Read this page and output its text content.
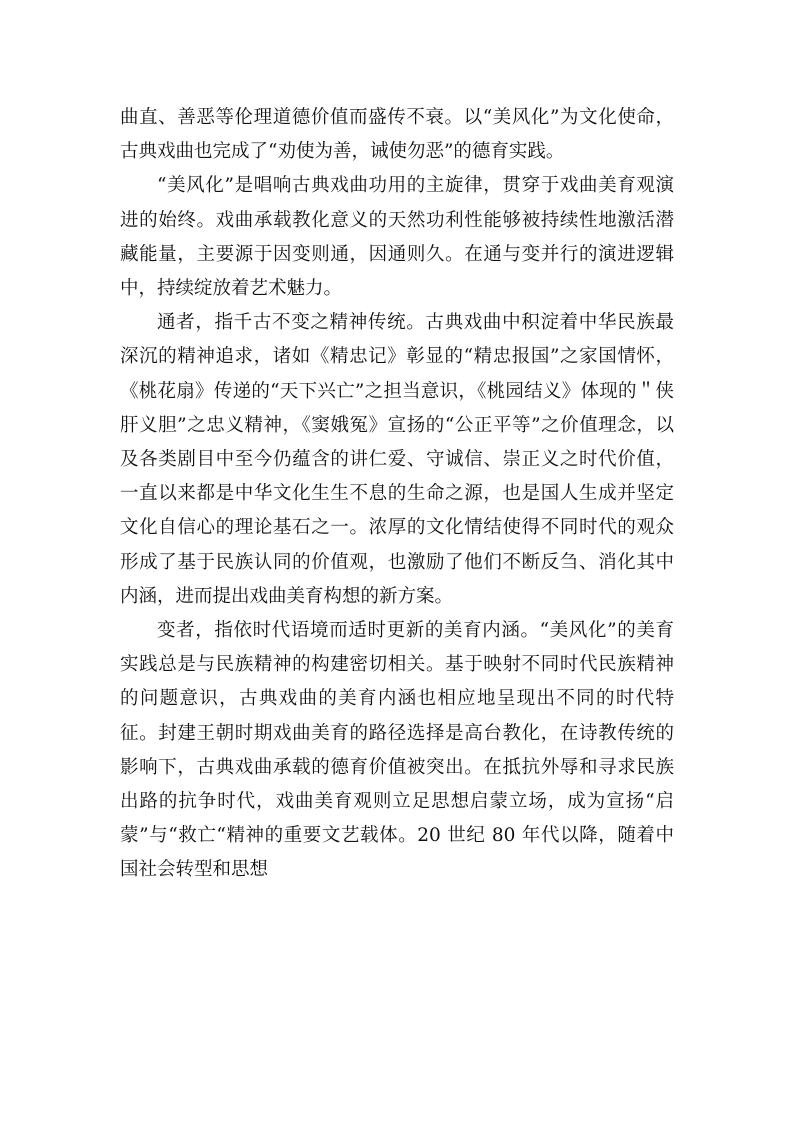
曲直、善恶等伦理道德价值而盛传不衰。以“美风化”为文化使命，古典戏曲也完成了“劝使为善，诫使勿恶”的德育实践。

“美风化”是唱响古典戏曲功用的主旋律，贯穿于戏曲美育观演进的始终。戏曲承载教化意义的天然功利性能够被持续性地激活潜藏能量，主要源于因变则通，因通则久。在通与变并行的演进逻辑中，持续绽放着艺术魅力。

通者，指千古不变之精神传统。古典戏曲中积淀着中华民族最深沉的精神追求，诸如《精忠记》彰显的“精忠报国”之家国情怀，《桃花扇》传递的“天下兴亡”之担当意识，《桃园结义》体现的＂侠肝义胆”之忠义精神，《窦娥冤》宣扬的“公正平等”之价值理念，以及各类剧目中至今仍蕴含的讲仁爱、守诚信、崇正义之时代价值，一直以来都是中华文化生生不息的生命之源，也是国人生成并坚定文化自信心的理论基石之一。浓厚的文化情结使得不同时代的观众形成了基于民族认同的价值观，也激励了他们不断反刍、消化其中内涵，进而提出戏曲美育构想的新方案。

变者，指依时代语境而适时更新的美育内涵。“美风化”的美育实践总是与民族精神的构建密切相关。基于映射不同时代民族精神的问题意识，古典戏曲的美育内涵也相应地呈现出不同的时代特征。封建王朝时期戏曲美育的路径选择是高台教化，在诗教传统的影响下，古典戏曲承载的德育价值被突出。在抵抗外辱和寻求民族出路的抗争时代，戏曲美育观则立足思想启蒙立场，成为宣扬“启蒙”与“救亡“精神的重要文艺载体。20 世纪 80 年代以降，随着中国社会转型和思想
